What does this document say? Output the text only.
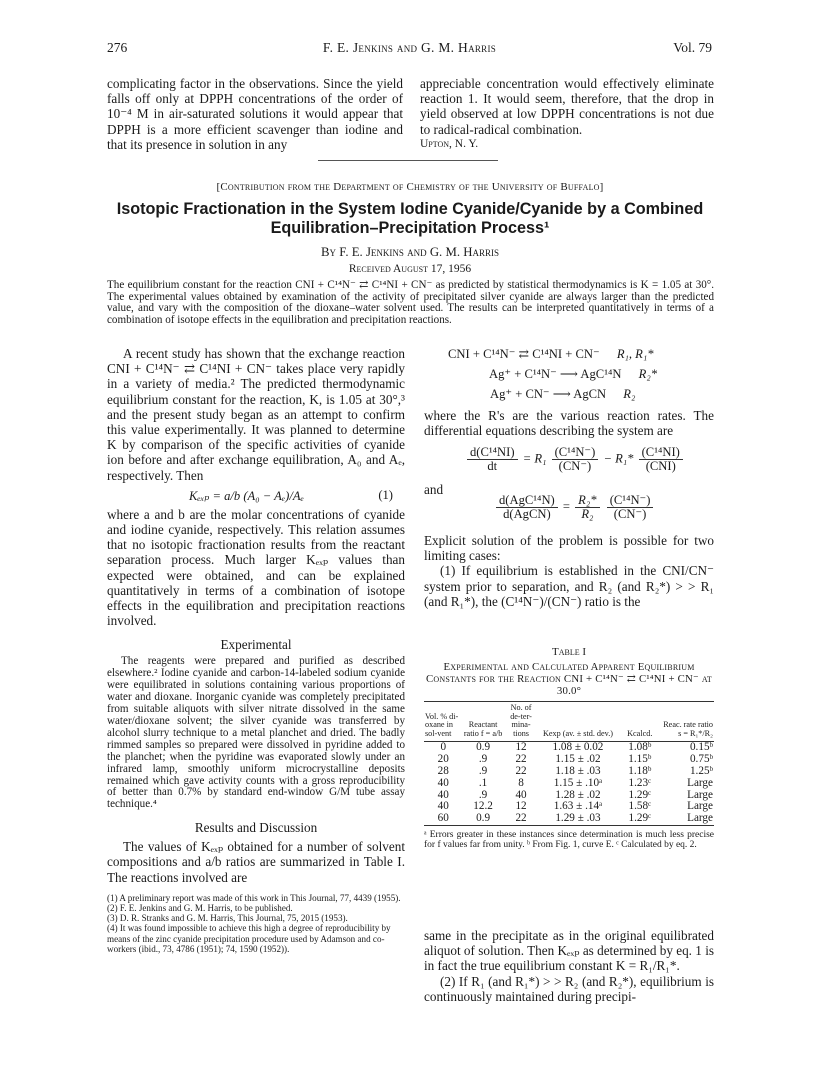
276	F. E. Jenkins and G. M. Harris	Vol. 79

complicating factor in the observations. Since the yield falls off only at DPPH concentrations of the order of 10⁻⁴ M in air-saturated solutions it would appear that DPPH is a more efficient scavenger than iodine and that its presence in solution in any

appreciable concentration would effectively eliminate reaction 1. It would seem, therefore, that the drop in yield observed at low DPPH concentrations is not due to radical-radical combination.

Upton, N. Y.

[Contribution from the Department of Chemistry of the University of Buffalo]
Isotopic Fractionation in the System Iodine Cyanide/Cyanide by a Combined
Equilibration–Precipitation Process¹
By F. E. Jenkins and G. M. Harris
Received August 17, 1956
The equilibrium constant for the reaction CNI + C¹⁴N⁻ ⇄ C¹⁴NI + CN⁻ as predicted by statistical thermodynamics is K = 1.05 at 30°. The experimental values obtained by examination of the activity of precipitated silver cyanide are always larger than the predicted value, and vary with the composition of the dioxane–water solvent used. The results can be interpreted quantitatively in terms of a combination of isotope effects in the equilibration and precipitation reactions.

A recent study has shown that the exchange reaction CNI + C¹⁴N⁻ ⇄ C¹⁴NI + CN⁻ takes place very rapidly in a variety of media.² The predicted thermodynamic equilibrium constant for the reaction, K, is 1.05 at 30°,³ and the present study began as an attempt to confirm this value experimentally. It was planned to determine K by comparison of the specific activities of cyanide ion before and after exchange equilibration, A₀ and Aₑ, respectively. Then

Kₑₓₚ = a/b (A₀ − Aₑ)/Aₑ	(1)

where a and b are the molar concentrations of cyanide and iodine cyanide, respectively. This relation assumes that no isotopic fractionation results from the reactant separation process. Much larger Kₑₓₚ values than expected were obtained, and can be explained quantitatively in terms of a combination of isotope effects in the equilibration and precipitation reactions involved.

Experimental

The reagents were prepared and purified as described elsewhere.² Iodine cyanide and carbon-14-labeled sodium cyanide were equilibrated in solutions containing various proportions of water and dioxane. Inorganic cyanide was completely precipitated from suitable aliquots with silver nitrate dissolved in the same water/dioxane solvent; the silver cyanide was transferred by alcohol slurry technique to a metal planchet and dried. The badly rimmed samples so prepared were dissolved in pyridine added to the planchet; when the pyridine was evaporated slowly under an infrared lamp, smoothly uniform microcrystalline deposits remained which gave activity counts with a gross reproducibility of better than 0.7% by standard end-window G/M tube assay technique.⁴

Results and Discussion

The values of Kₑₓₚ obtained for a number of solvent compositions and a/b ratios are summarized in Table I. The reactions involved are

(1) A preliminary report was made of this work in This Journal, 77, 4439 (1955).

(2) F. E. Jenkins and G. M. Harris, to be published.

(3) D. R. Stranks and G. M. Harris, This Journal, 75, 2015 (1953).

(4) It was found impossible to achieve this high a degree of reproducibility by means of the zinc cyanide precipitation procedure used by Adamson and co-workers (ibid., 73, 4786 (1951); 74, 1590 (1952)).

CNI + C¹⁴N⁻ ⇄ C¹⁴NI + CN⁻ R₁, R₁*
Ag⁺ + C¹⁴N⁻ ⟶ AgC¹⁴N R₂*
Ag⁺ + CN⁻ ⟶ AgCN R₂

where the R's are the various reaction rates. The differential equations describing the system are

$\frac{\text{d(C¹⁴NI)}}{dt} = R_1 \frac{\text{(C¹⁴N⁻)}}{(CN^-)} - R_1* \frac{\text{(C¹⁴NI)}}{\text{(CNI)}}$

and

$\frac{\text{d(AgC¹⁴N)}}{\text{d(AgCN)}} = \frac{\text{R₂*}}{\text{R₂}}$
$\frac{\text{(C¹⁴N⁻)}}{(CN^-)}$

Explicit solution of the problem is possible for two limiting cases:

(1) If equilibrium is established in the CNI/CN⁻ system prior to separation, and R₂ (and R₂*) > > R₁ (and R₁*), the (C¹⁴N⁻)/(CN⁻) ratio is the

Table I

Experimental and Calculated Apparent Equilibrium Constants for the Reaction CNI + C¹⁴N⁻ ⇄ C¹⁴NI + CN⁻ at 30.0°

Vol. % di-oxane in sol-vent	Reactant ratio f = a/b	No. of de-ter-mina-tions	Kexp (av. ± std. dev.)	Kcalcd.	Reac. rate ratio s = R₁*/R₂
0	0.9	12	1.08 ± 0.02	1.08ᵇ	0.15ᵇ
20	.9	22	1.15 ± .02	1.15ᵇ	0.75ᵇ
28	.9	22	1.18 ± .03	1.18ᵇ	1.25ᵇ
40	.1	8	1.15 ± .10ᵃ	1.23ᶜ	Large
40	.9	40	1.28 ± .02	1.29ᶜ	Large
40	12.2	12	1.63 ± .14ᵃ	1.58ᶜ	Large
60	0.9	22	1.29 ± .03	1.29ᶜ	Large

ᵃ Errors greater in these instances since determination is much less precise for f values far from unity. ᵇ From Fig. 1, curve E. ᶜ Calculated by eq. 2.

same in the precipitate as in the original equilibrated aliquot of solution. Then Kₑₓₚ as determined by eq. 1 is in fact the true equilibrium constant K = R₁/R₁*.

(2) If R₁ (and R₁*) > > R₂ (and R₂*), equilibrium is continuously maintained during precipi-
